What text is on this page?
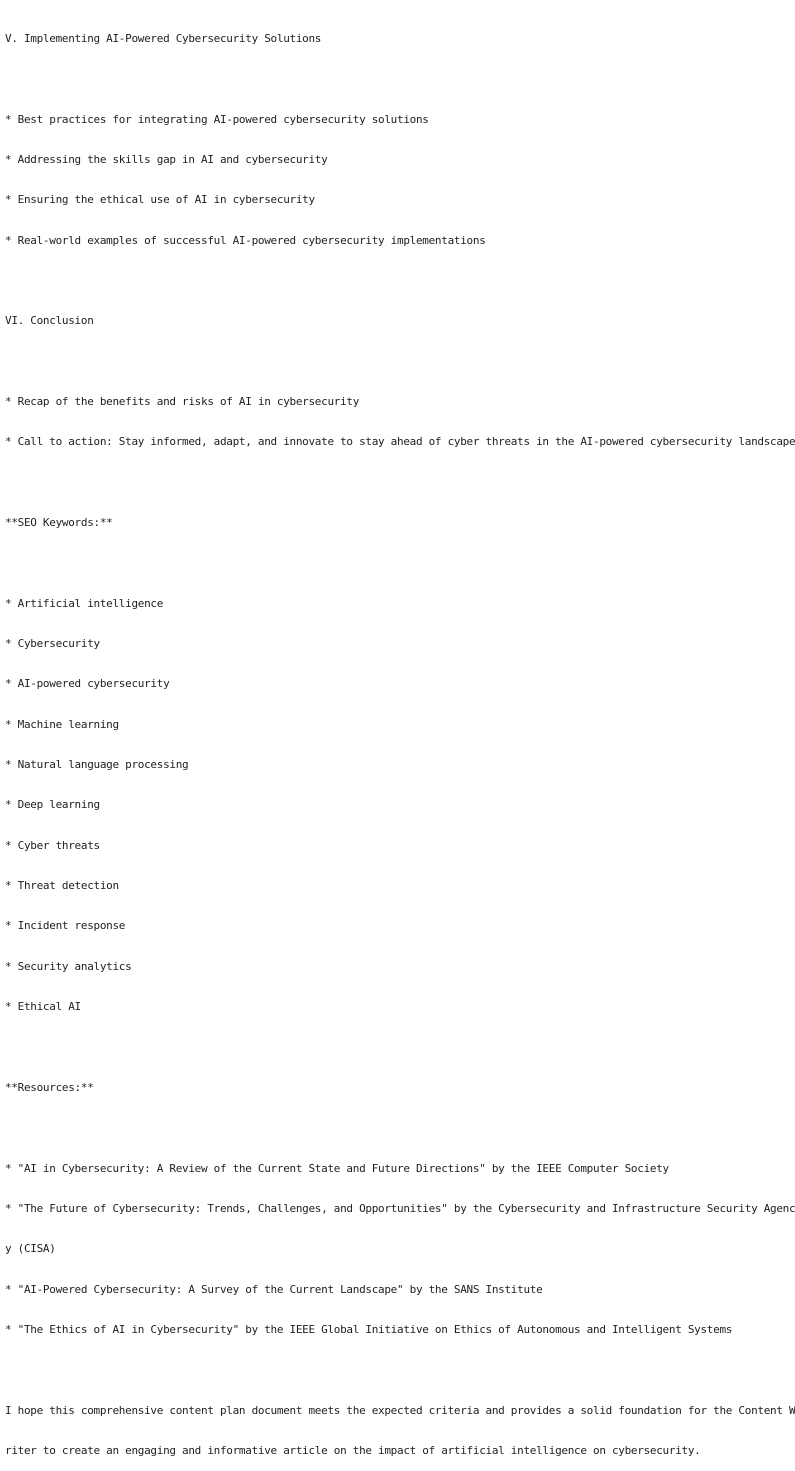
V. Implementing AI-Powered Cybersecurity Solutions

* Best practices for integrating AI-powered cybersecurity solutions

* Addressing the skills gap in AI and cybersecurity

* Ensuring the ethical use of AI in cybersecurity

* Real-world examples of successful AI-powered cybersecurity implementations

VI. Conclusion

* Recap of the benefits and risks of AI in cybersecurity

* Call to action: Stay informed, adapt, and innovate to stay ahead of cyber threats in the AI-powered cybersecurity landscape

**SEO Keywords:**

* Artificial intelligence

* Cybersecurity

* AI-powered cybersecurity

* Machine learning

* Natural language processing

* Deep learning

* Cyber threats

* Threat detection

* Incident response

* Security analytics

* Ethical AI

**Resources:**

* "AI in Cybersecurity: A Review of the Current State and Future Directions" by the IEEE Computer Society

* "The Future of Cybersecurity: Trends, Challenges, and Opportunities" by the Cybersecurity and Infrastructure Security Agenc

y (CISA)

* "AI-Powered Cybersecurity: A Survey of the Current Landscape" by the SANS Institute

* "The Ethics of AI in Cybersecurity" by the IEEE Global Initiative on Ethics of Autonomous and Intelligent Systems

I hope this comprehensive content plan document meets the expected criteria and provides a solid foundation for the Content W

riter to create an engaging and informative article on the impact of artificial intelligence on cybersecurity.
